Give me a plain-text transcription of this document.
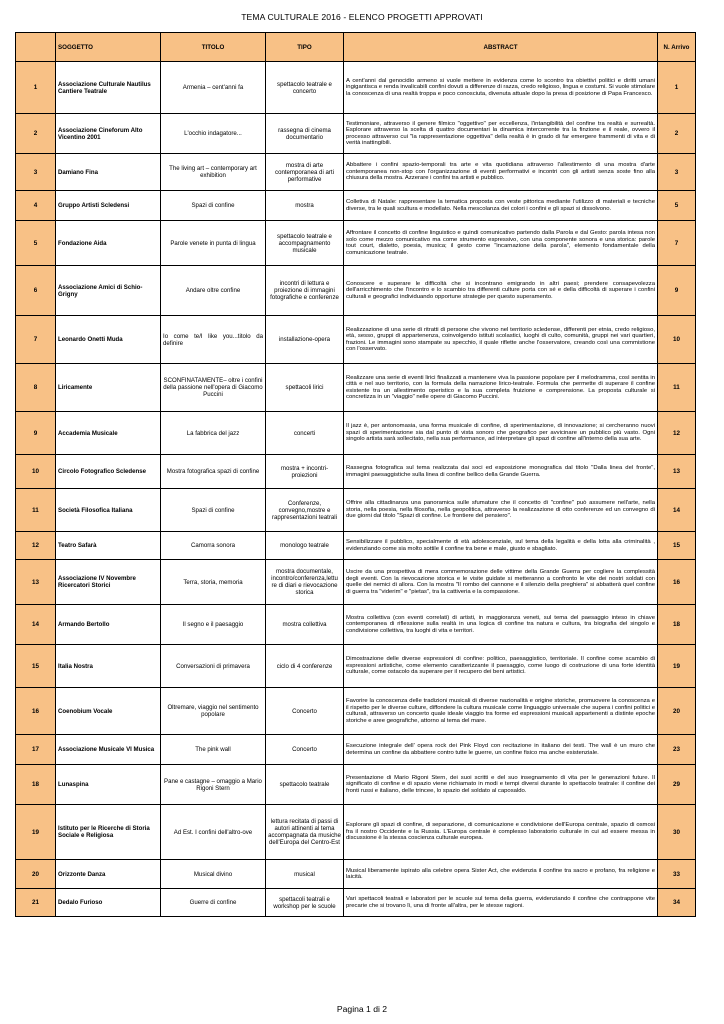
TEMA CULTURALE 2016 - ELENCO PROGETTI APPROVATI
	SOGGETTO	TITOLO	TIPO	ABSTRACT	N. Arrivo
1	Associazione Culturale Nautilus Cantiere Teatrale	Armenia – cent'anni fa	spettacolo teatrale e concerto	A cent'anni dal genocidio armeno si vuole mettere in evidenza come lo scontro tra obiettivi politici e diritti umani ingigantisca e renda invalicabili confini dovuti a differenze di razza, credo religioso, lingua e costumi. Si vuole stimolare la conoscenza di una realtà troppa e poco conosciuta, divenuta attuale dopo la presa di posizione di Papa Francesco.	1
2	Associazione Cineforum Alto Vicentino 2001	L'occhio indagatore...	rassegna di cinema documentario	Testimoniare, attraverso il genere filmico "oggettivo" per eccellenza, l'intangibilità del confine tra realtà e surrealtà. Esplorare attraverso la scelta di quattro documentari la dinamica intercorrente tra la finzione e il reale, ovvero il processo attraverso cui "la rappresentazione oggettiva" della realtà è in grado di far emergere frammenti di vita e di verità inattingibili.	2
3	Damiano Fina	The living art – contemporary art exhibition	mostra di arte contemporanea di arti performative	Abbattere i confini spazio-temporali tra arte e vita quotidiana attraverso l'allestimento di una mostra d'arte contemporanea non-stop con l'organizzazione di eventi performativi e incontri con gli artisti senza soste fino alla chiusura della mostra. Azzerare i confini tra artisti e pubblico.	3
4	Gruppo Artisti Scledensi	Spazi di confine	mostra	Colletiva di Natale: rappresentare la tematica proposta con veste pittorica mediante l'utilizzo di materiali e tecniche diverse, tra le quali scultura e modellato. Nella mescolanza dei colori i confini e gli spazi si dissolvono.	5
5	Fondazione Aida	Parole venete in punta di lingua	spettacolo teatrale e accompagnamento musicale	Affrontare il concetto di confine linguistico e quindi comunicativo partendo dalla Parola e dal Gesto: parola intesa non solo come mezzo comunicativo ma come strumento espressivo, con una componente sonora e una storica: parole tout court, dialetto, poesia, musica; il gesto come "incarnazione della parola", elemento fondamentale della comunicazione teatrale.	7
6	Associazione Amici di Schio-Grigny	Andare oltre confine	incontri di lettura e proiezione di immagini fotografiche e conferenze	Conoscere e superare le difficoltà che si incontrano emigrando in altri paesi; prendere consapevolezza dell'arricchimento che l'incontro e lo scambio tra differenti culture porta con sé e della difficoltà di superare i confini culturali e geografici individuando opportune strategie per questo superamento.	9
7	Leonardo Onetti Muda	Io come te/I like you...titolo da definire	installazione-opera	Realizzazione di una serie di ritratti di persone che vivono nel territorio scledense, differenti per etnia, credo religioso, età, sesso, gruppi di appartenenza, coinvolgendo istituti scolastici, luoghi di culto, comunità, gruppi nei vari quartieri, frazioni. Le immagini sono stampate su specchio, il quale riflette anche l'osservatore, creando così una commistione con l'osservato.	10
8	Liricamente	SCONFINATAMENTE– oltre i confini della passione nell'opera di Giacomo Puccini	spettacoli lirici	Realizzare una serie di eventi lirici finalizzati a mantenere viva la passione popolare per il melodramma, così sentita in città e nel suo territorio, con la formula della narrazione lirico-teatrale. Formula che permette di superare il confine esistente tra un allestimento operistico e la sua completa fruizione e comprensione. La proposta culturale si concretizza in un "viaggio" nelle opere di Giacomo Puccini.	11
9	Accademia Musicale	La fabbrica del jazz	concerti	Il jazz è, per antonomasia, una forma musicale di confine, di sperimentazione, di innovazione; si cercheranno nuovi spazi di sperimentazione sia dal punto di vista sonoro che geografico per avvicinare un pubblico più vasto. Ogni singolo artista sarà sollecitato, nella sua performance, ad interpretare gli spazi di confine all'interno della sua arte.	12
10	Circolo Fotografico Scledense	Mostra fotografica spazi di confine	mostra + incontri-proiezioni	Rassegna fotografica sul tema realizzata dai soci ed esposizione monografica dal titolo "Dalla linea del fronte", immagini paesaggistiche sulla linea di confine bellico della Grande Guerra.	13
11	Società Filosofica Italiana	Spazi di confine	Conferenze, convegno,mostre e rappresentazioni teatrali	Offrire alla cittadinanza una panoramica sulle sfumature che il concetto di "confine" può assumere nell'arte, nella storia, nella poesia, nella filosofia, nella geopolitica, attraverso la realizzazione di otto conferenze ed un convegno di due giorni dal titolo "Spazi di confine. Le frontiere del pensiero".	14
12	Teatro Safarà	Camorra sonora	monologo teatrale	Sensibilizzare il pubblico, specialmente di età adolescenziale, sul tema della legalità e della lotta alla criminalità , evidenziando come sia molto sottile il confine tra bene e male, giusto e sbagliato.	15
13	Associazione IV Novembre Ricercatori Storici	Terra, storia, memoria	mostra documentale, incontro/conferenza,lettu re di diari e rievocazione storica	Uscire da una prospettiva di mera commemorazione delle vittime della Grande Guerra per cogliere la complessità degli eventi. Con la rievocazione storica e le visite guidate si metteranno a confronto le vite dei nostri soldati con quelle dei nemici di allora. Con la mostra "Il rombo del cannone e il silenzio della preghiera" si abbatterà quel confine di guerra tra "viderim" e "pietas", tra la cattiveria e la compassione.	16
14	Armando Bertollo	Il segno e il paesaggio	mostra collettiva	Mostra collettiva (con eventi correlati) di artisti, in maggioranza veneti, sul tema del paesaggio inteso in chiave contemporanea di riflessione sulla realtà in una logica di confine tra natura e cultura, tra biografia del singolo e condivisione collettiva, tra luoghi di vita e territori.	18
15	Italia Nostra	Conversazioni di primavera	ciclo di 4 conferenze	Dimostrazione delle diverse espressioni di confine: politico, paesaggistico, territoriale. Il confine come scambio di espressioni artistiche, come elemento caratterizzante il paesaggio, come luogo di costruzione di una forte identità culturale, come ostacolo da superare per il recupero dei beni artistici.	19
16	Coenobium Vocale	Oltremare, viaggio nel sentimento popolare	Concerto	Favorire la conoscenza delle tradizioni musicali di diverse nazionalità e origine storiche, promuovere la conoscenza e il rispetto per le diverse culture, diffondere la cultura musicale come linguaggio universale che supera i confini politici e culturali, attraverso un concerto quale ideale viaggio tra forme ed espressioni musicali appartenenti a distinte epoche storiche e aree geografiche, attorno al tema del mare.	20
17	Associazione Musicale VI Musica	The pink wall	Concerto	Esecuzione integrale dell' opera rock dei Pink Floyd con recitazione in italiano dei testi. The wall è un muro che determina un confine da abbattere contro tutte le guerre, un confine fisico ma anche esistenziale.	23
18	Lunaspina	Pane e castagne – omaggio a Mario Rigoni Stern	spettacolo teatrale	Presentazione di Mario Rigoni Stern, dei suoi scritti e del suo insegnamento di vita per le generazioni future. Il significato di confine e di spazio viene richiamato in modi e tempi diversi durante lo spettacolo teatrale: il confine dei fronti russi e italiano, delle trincee, lo spazio del soldato al caposaldo.	29
19	Istituto per le Ricerche di Storia Sociale e Religiosa	Ad Est. I confini dell'altro-ove	lettura recitata di passi di autori attinenti al tema accompagnata da musiche dell'Europa del Centro-Est	Esplorare gli spazi di confine, di separazione, di comunicazione e condivisione dell'Europa centrale, spazio di osmosi fra il nostro Occidente e la Russia. L'Europa centrale è complesso laboratorio culturale in cui ad essere messa in discussione è la stessa coscienza culturale europea.	30
20	Orizzonte Danza	Musical divino	musical	Musical liberamente ispirato alla celebre opera Sister Act, che evidenzia il confine tra sacro e profano, fra religione e laicità.	33
21	Dedalo Furioso	Guerre di confine	spettacoli teatrali e workshop per le scuole	Vari spettacoli teatrali e laboratori per le scuole sul tema della guerra, evidenziando il confine che contrappone vite precarie che si trovano lì, una di fronte all'altra, per le stesse ragioni.	34
Pagina 1 di 2
